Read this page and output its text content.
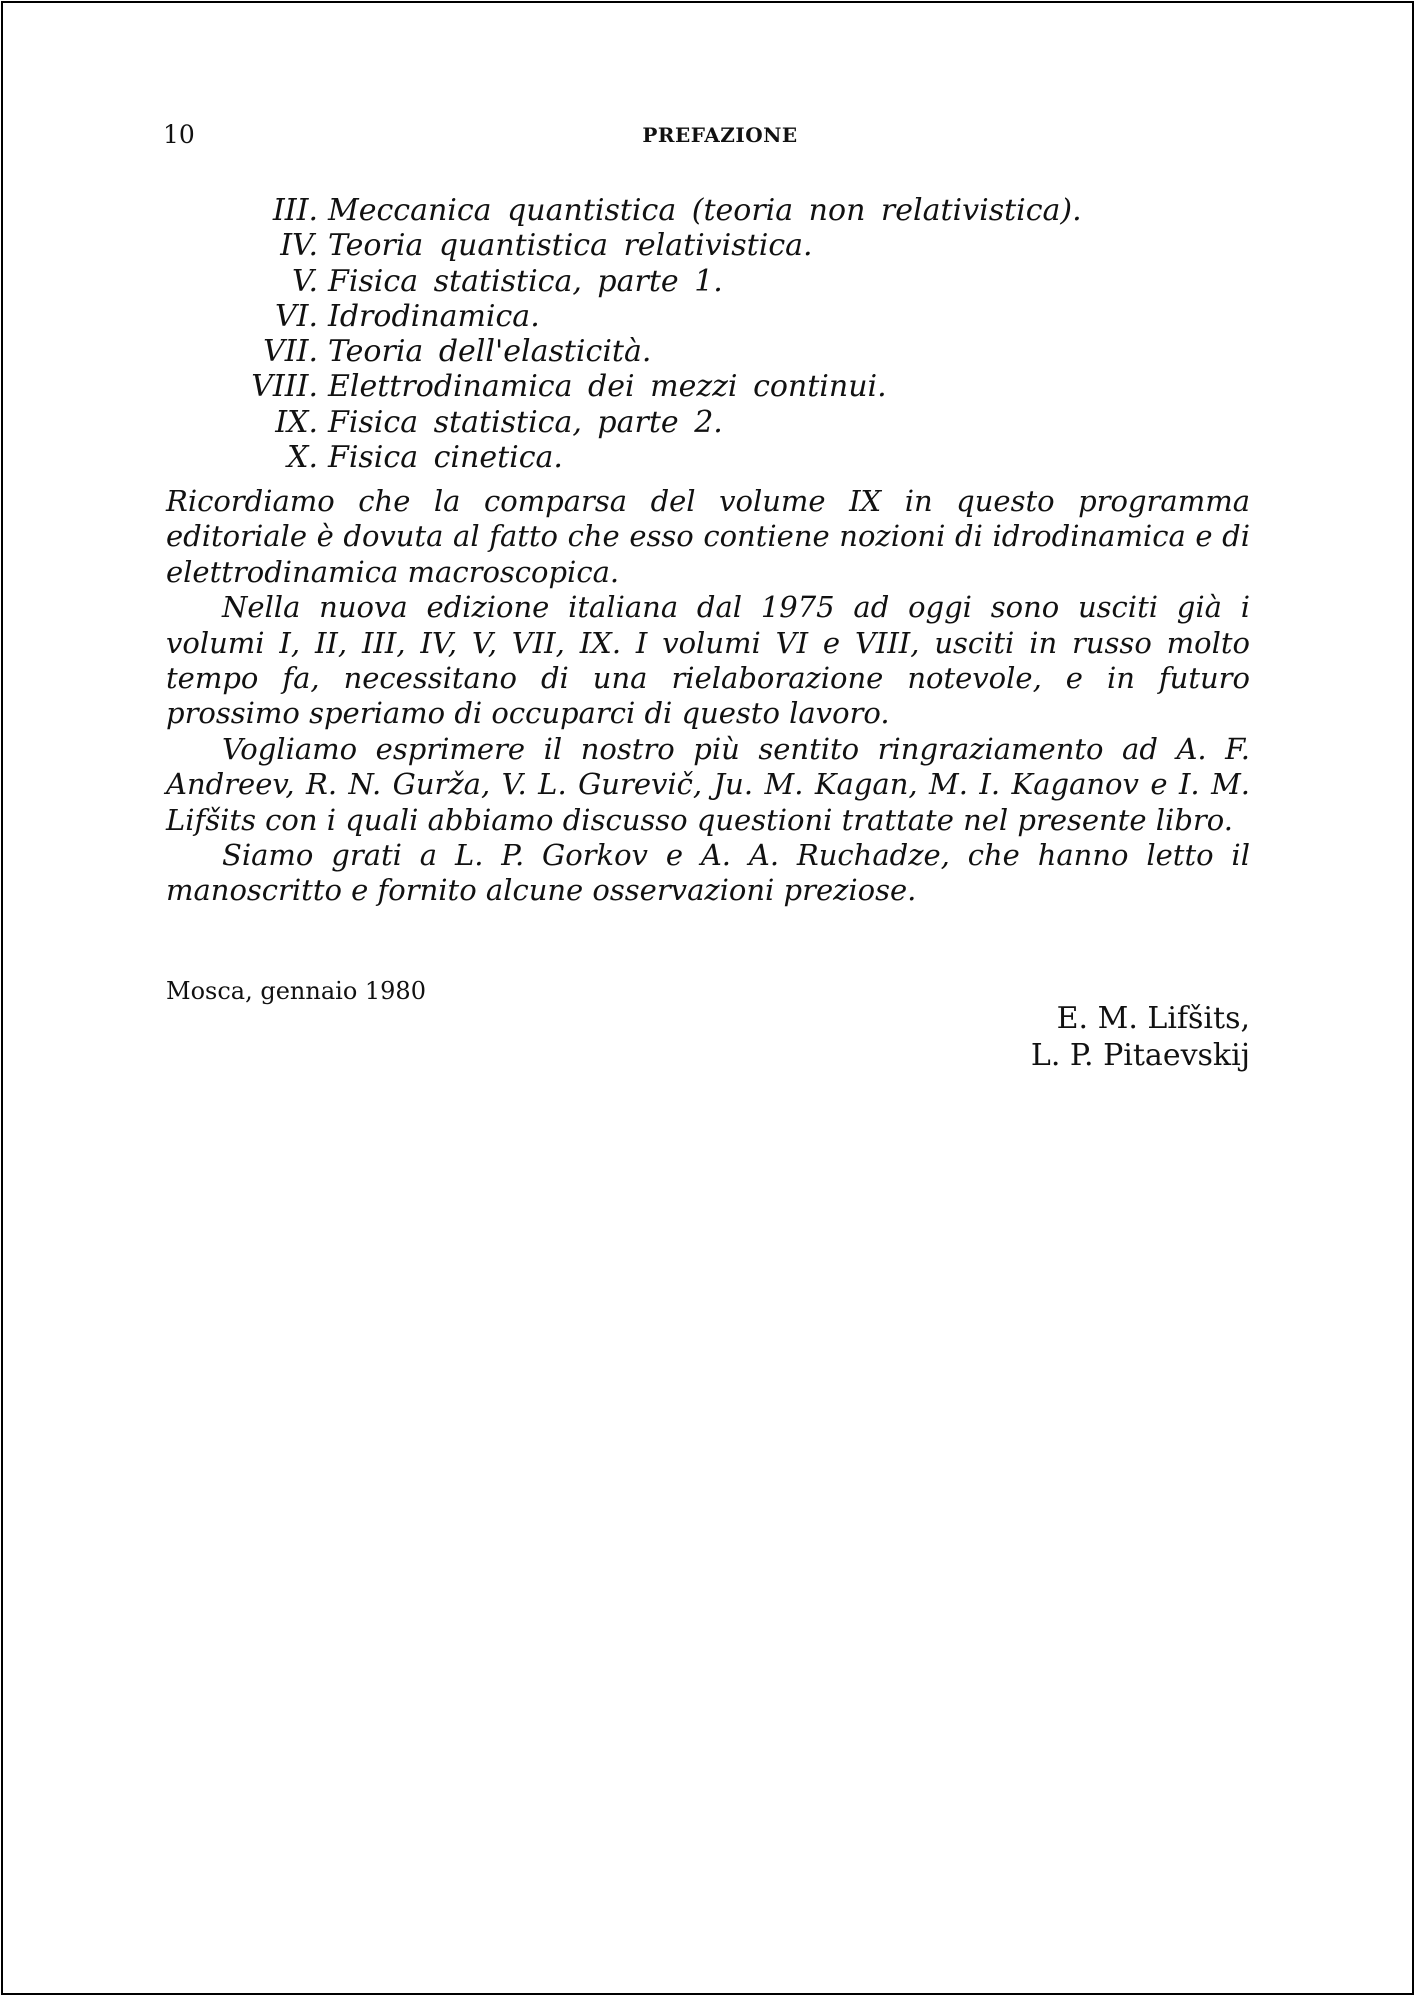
10	PREFAZIONE
III. Meccanica quantistica (teoria non relativistica).
IV. Teoria quantistica relativistica.
V. Fisica statistica, parte 1.
VI. Idrodinamica.
VII. Teoria dell'elasticità.
VIII. Elettrodinamica dei mezzi continui.
IX. Fisica statistica, parte 2.
X. Fisica cinetica.

Ricordiamo che la comparsa del volume IX in questo programma editoriale è dovuta al fatto che esso contiene nozioni di idrodinamica e di elettrodinamica macroscopica.

Nella nuova edizione italiana dal 1975 ad oggi sono usciti già i volumi I, II, III, IV, V, VII, IX. I volumi VI e VIII, usciti in russo molto tempo fa, necessitano di una rielaborazione notevole, e in futuro prossimo speriamo di occuparci di questo lavoro.

Vogliamo esprimere il nostro più sentito ringraziamento ad A. F. Andreev, R. N. Gurža, V. L. Gurevič, Ju. M. Kagan, M. I. Kaganov e I. M. Lifšits con i quali abbiamo discusso questioni trattate nel presente libro.

Siamo grati a L. P. Gorkov e A. A. Ruchadze, che hanno letto il manoscritto e fornito alcune osservazioni preziose.

Mosca, gennaio 1980
E. M. Lifšits,
L. P. Pitaevskij
